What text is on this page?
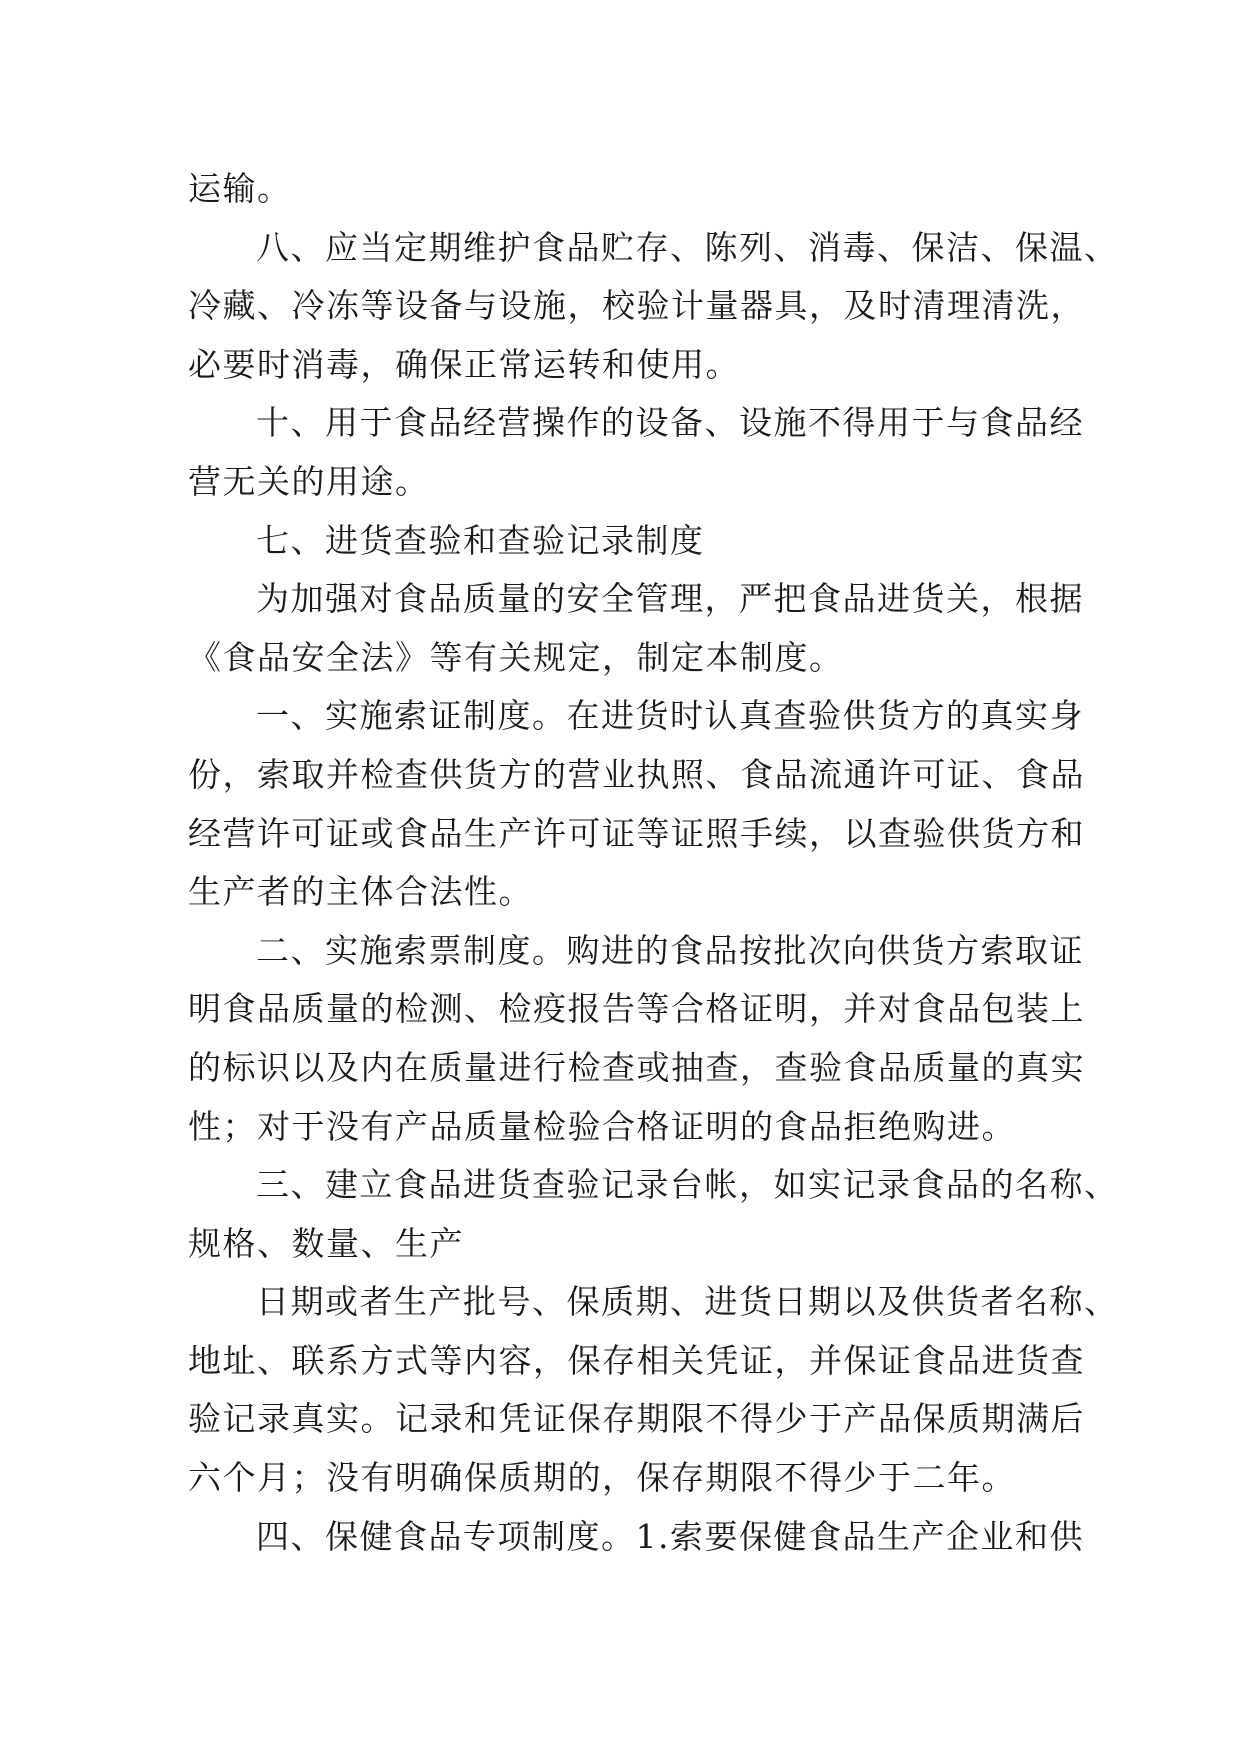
运输。
八、应当定期维护食品贮存、陈列、消毒、保洁、保温、
冷藏、冷冻等设备与设施，校验计量器具，及时清理清洗，
必要时消毒，确保正常运转和使用。
十、用于食品经营操作的设备、设施不得用于与食品经
营无关的用途。
七、进货查验和查验记录制度
为加强对食品质量的安全管理，严把食品进货关，根据
《食品安全法》等有关规定，制定本制度。
一、实施索证制度。在进货时认真查验供货方的真实身
份，索取并检查供货方的营业执照、食品流通许可证、食品
经营许可证或食品生产许可证等证照手续，以查验供货方和
生产者的主体合法性。
二、实施索票制度。购进的食品按批次向供货方索取证
明食品质量的检测、检疫报告等合格证明，并对食品包装上
的标识以及内在质量进行检查或抽查，查验食品质量的真实
性；对于没有产品质量检验合格证明的食品拒绝购进。
三、建立食品进货查验记录台帐，如实记录食品的名称、
规格、数量、生产
日期或者生产批号、保质期、进货日期以及供货者名称、
地址、联系方式等内容，保存相关凭证，并保证食品进货查
验记录真实。记录和凭证保存期限不得少于产品保质期满后
六个月；没有明确保质期的，保存期限不得少于二年。
四、保健食品专项制度。1.索要保健食品生产企业和供
